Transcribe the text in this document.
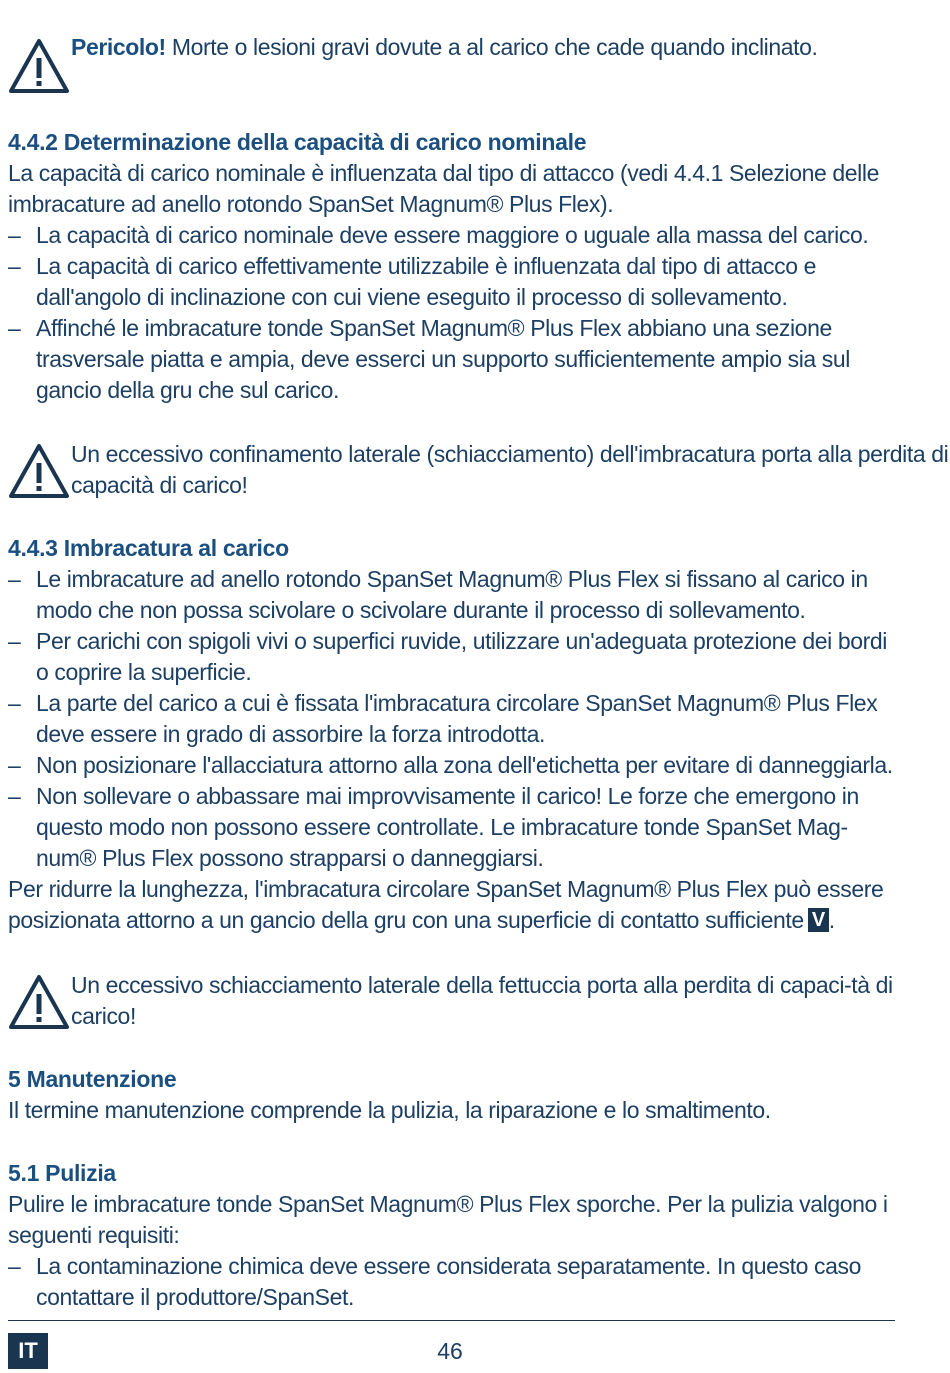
Pericolo! Morte o lesioni gravi dovute a al carico che cade quando inclinato.

4.4.2 Determinazione della capacità di carico nominale

La capacità di carico nominale è influenzata dal tipo di attacco (vedi 4.4.1 Selezione delle imbracature ad anello rotondo SpanSet Magnum® Plus Flex).

– La capacità di carico nominale deve essere maggiore o uguale alla massa del carico.
– La capacità di carico effettivamente utilizzabile è influenzata dal tipo di attacco e dall'angolo di inclinazione con cui viene eseguito il processo di sollevamento.
– Affinché le imbracature tonde SpanSet Magnum® Plus Flex abbiano una sezione trasversale piatta e ampia, deve esserci un supporto sufficientemente ampio sia sul gancio della gru che sul carico.
Un eccessivo confinamento laterale (schiacciamento) dell'imbracatura porta alla perdita di capacità di carico!

4.4.3 Imbracatura al carico

– Le imbracature ad anello rotondo SpanSet Magnum® Plus Flex si fissano al carico in modo che non possa scivolare o scivolare durante il processo di sollevamento.
– Per carichi con spigoli vivi o superfici ruvide, utilizzare un'adeguata protezione dei bordi o coprire la superficie.
– La parte del carico a cui è fissata l'imbracatura circolare SpanSet Magnum® Plus Flex deve essere in grado di assorbire la forza introdotta.
– Non posizionare l'allacciatura attorno alla zona dell'etichetta per evitare di danneggiarla.
– Non sollevare o abbassare mai improvvisamente il carico! Le forze che emergono in questo modo non possono essere controllate. Le imbracature tonde SpanSet Mag-num® Plus Flex possono strapparsi o danneggiarsi.

Per ridurre la lunghezza, l'imbracatura circolare SpanSet Magnum® Plus Flex può essere posizionata attorno a un gancio della gru con una superficie di contatto sufficiente V .

Un eccessivo schiacciamento laterale della fettuccia porta alla perdita di capaci-tà di carico!

5 Manutenzione

Il termine manutenzione comprende la pulizia, la riparazione e lo smaltimento.

5.1 Pulizia

Pulire le imbracature tonde SpanSet Magnum® Plus Flex sporche. Per la pulizia valgono i seguenti requisiti:

– La contaminazione chimica deve essere considerata separatamente. In questo caso contattare il produttore/SpanSet.
IT	46
